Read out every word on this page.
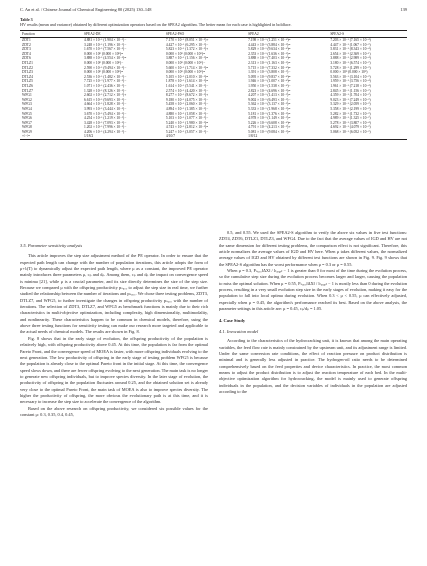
C. An et al. / Chinese Journal of Chemical Engineering 80 (2025) 130–148	139
Table 3
HV results (mean and variance) obtained by different optimization operators based on the SPEA2 algorithm. The better mean for each case is highlighted in boldface.
Function	SPEA2-DE	SPEA2-PSO	SPEA2	SPEA2-S
ZDT1	4.881 × 10⁻¹ (1.904 × 10⁻²)−	7.170 × 10⁻¹ (8.051 × 10⁻⁵)+	7.198 × 10⁻¹ (1.251 × 10⁻⁴)=	7.203 × 10⁻¹ (7.165 × 10⁻⁴)
ZDT2	3.248 × 10⁻¹ (1.196 × 10⁻²)−	4.427 × 10⁻¹ (6.295 × 10⁻²)−	4.443 × 10⁻¹ (3.884 × 10⁻³)=	4.447 × 10⁻¹ (1.067 × 10⁻³)
ZDT3	1.670 × 10⁻¹ (7.567 × 10⁻³)−	5.823 × 10⁻¹ (1.372 × 10⁻³)+	5.829 × 10⁻¹ (9.634 × 10⁻⁴)=	5.831 × 10⁻¹ (8.343 × 10⁻⁴)
ZDT4	0.000 × 10⁰ (0.000 × 10⁰)=	0.000 × 10⁰ (0.000 × 10⁰)=	2.353 × 10⁻¹ (1.636 × 10⁻¹)=	2.654 × 10⁻¹ (2.369 × 10⁻¹)
ZDT6	3.888 × 10⁻¹ (4.554 × 10⁻³)=	3.887 × 10⁻¹ (1.156 × 10⁻²)=	3.888 × 10⁻¹ (7.403 × 10⁻⁴)=	3.888 × 10⁻¹ (2.989 × 10⁻⁴)
DTLZ1	0.000 × 10⁰ (0.000 × 10⁰)−	0.000 × 10⁰ (0.000 × 10⁰)−	2.313 × 10⁻¹ (1.163 × 10⁻¹)=	3.180 × 10⁻¹ (6.574 × 10⁻²)
DTLZ2	2.590 × 10⁻¹ (9.494 × 10⁻³)−	5.600 × 10⁻¹ (1.714 × 10⁻³)=	5.715 × 10⁻¹ (7.332 × 10⁻⁴)=	5.728 × 10⁻¹ (1.299 × 10⁻³)
DTLZ3	0.000 × 10⁰ (0.000 × 10⁰)=	0.000 × 10⁰ (0.000 × 10⁰)=	1.391 × 10⁻² (3.808 × 10⁻²)−	0.000 × 10⁰ (0.000 × 10⁰)
DTLZ4	2.536 × 10⁻¹ (1.482 × 10⁻²)−	5.105 × 10⁻¹ (2.010 × 10⁻³)=	5.095 × 10⁻¹ (9.837 × 10⁻⁴)=	5.563 × 10⁻¹ (3.104 × 10⁻³)
DTLZ5	7.725 × 10⁻² (1.977 × 10⁻³)−	1.878 × 10⁻¹ (1.614 × 10⁻³)=	1.946 × 10⁻¹ (1.007 × 10⁻⁴)=	1.959 × 10⁻¹ (3.756 × 10⁻⁴)
DTLZ6	1.071 × 10⁻¹ (2.436 × 10⁻²)−	1.614 × 10⁻¹ (5.541 × 10⁻³)−	1.950 × 10⁻¹ (1.538 × 10⁻⁴)−	1.961 × 10⁻¹ (7.218 × 10⁻⁴)
DTLZ7	1.328 × 10⁻¹ (8.126 × 10⁻³)−	2.574 × 10⁻¹ (4.420 × 10⁻²)−	2.823 × 10⁻¹ (4.696 × 10⁻³)=	2.845 × 10⁻¹ (1.156 × 10⁻²)
WFG1	2.602 × 10⁻¹ (2.712 × 10⁻²)+	8.277 × 10⁻¹ (8.672 × 10⁻³)+	4.207 × 10⁻¹ (1.413 × 10⁻²)=	4.359 × 10⁻¹ (1.704 × 10⁻²)
WFG2	6.615 × 10⁻¹ (9.693 × 10⁻³)−	9.180 × 10⁻¹ (4.075 × 10⁻³)−	9.002 × 10⁻¹ (6.493 × 10⁻³)−	9.023 × 10⁻¹ (7.249 × 10⁻³)
WFG3	4.664 × 10⁻¹ (1.828 × 10⁻³)−	5.458 × 10⁻¹ (2.060 × 10⁻³)−	5.362 × 10⁻¹ (3.137 × 10⁻³)=	5.329 × 10⁻¹ (2.059 × 10⁻³)
WFG4	3.993 × 10⁻¹ (3.444 × 10⁻³)−	4.894 × 10⁻¹ (1.385 × 10⁻³)−	5.333 × 10⁻¹ (1.968 × 10⁻³)=	5.358 × 10⁻¹ (2.199 × 10⁻³)
WFG5	3.670 × 10⁻¹ (5.494 × 10⁻³)−	4.880 × 10⁻¹ (1.058 × 10⁻³)−	5.181 × 10⁻¹ (1.376 × 10⁻³)=	5.282 × 10⁻¹ (1.732 × 10⁻³)
WFG6	4.254 × 10⁻¹ (1.219 × 10⁻²)−	5.103 × 10⁻¹ (1.077 × 10⁻²)−	4.978 × 10⁻¹ (1.149 × 10⁻²)=	4.989 × 10⁻¹ (1.325 × 10⁻²)
WFG7	3.428 × 10⁻¹ (7.093 × 10⁻³)−	5.240 × 10⁻¹ (1.980 × 10⁻³)=	5.226 × 10⁻¹ (6.608 × 10⁻⁴)=	5.278 × 10⁻¹ (3.807 × 10⁻⁴)
WFG8	1.202 × 10⁻¹ (7.996 × 10⁻³)−	4.743 × 10⁻¹ (2.812 × 10⁻³)=	4.791 × 10⁻¹ (4.213 × 10⁻³)+	4.692 × 10⁻¹ (4.079 × 10⁻³)
WFG9	4.206 × 10⁻¹ (4.294 × 10⁻²)−	5.247 × 10⁻¹ (3.057 × 10⁻³)−	5.081 × 10⁻¹ (9.084 × 10⁻³)=	5.068 × 10⁻¹ (6.052 × 10⁻³)
+/−/=	1/18/2	4/10/7	1/8/12	
3.5. Parameter sensitivity analysis

This article improves the step size adjustment method of the PE operator. In order to ensure that the expected path length can change with the number of population iterations, this article adopts the form of μ+λ(T) to dynamically adjust the expected path length, where μ as a constant, the improved PE operator mainly introduces three parameters μ, cₚ and dₚ. Among them, cₚ and dₚ the impact on convergence speed is minima [21], while μ is a crucial parameter, and its size directly determines the size of the step size. Because we compared μ with the offspring productivity pₛᵤ꜀꜀ to adjust the step size in real time, we further studied the relationship between the number of iterations and pₛᵤ꜀꜀. We chose three testing problems, ZDT3, DTLZ7, and WFG5, to further investigate the changes in offspring productivity pₛᵤ꜀꜀ with the number of iterations. The selection of ZDT3, DTLZ7, and WFG5 as benchmark functions is mainly due to their rich characteristics in multi-objective optimization, including complexity, high dimensionality, multimodality, and nonlinearity. These characteristics happen to be common in chemical models, therefore, using the above three testing functions for sensitivity testing can make our research more targeted and applicable to the actual needs of chemical models. The results are shown in Fig. 8.

Fig. 8 shows that in the early stage of evolution, the offspring productivity of the population is relatively high, with offspring productivity above 0.45. At this time, the population is far from the optimal Pareto Front, and the convergence speed of MOEA is faster, with more offspring individuals evolving to the next generation. The low productivity of offspring in the early stage of testing problem WFG5 is because the population is already close to the optimal Pareto front in the initial stage. At this time, the convergence speed slows down, and there are fewer offspring evolving to the next generation. The main task is no longer to generate new offspring individuals, but to improve species diversity. In the later stage of evolution, the productivity of offspring in the population fluctuates around 0.25, and the obtained solution set is already very close to the optimal Pareto Front, the main task of MOEA is also to improve species diversity. The higher the productivity of offspring, the more obvious the evolutionary path is at this time, and it is necessary to increase the step size to accelerate the convergence of the algorithm.

Based on the above research on offspring productivity, we considered six possible values for the constant μ: 0.3, 0.35, 0.4, 0.45,

0.5, and 0.55. We used the SPEA2-S algorithm to verify the above six values in five test functions: ZDT4, ZDT6, DTLZ1, DTLZ3, and WFG4. Due to the fact that the average values of IGD and HV are not the same dimension for different testing problems, the comparison effect is not significant. Therefore, this article normalizes the average values of IGD and HV here. When μ takes different values, the normalized average values of IGD and HV obtained by different test functions are shown in Fig. 9. Fig. 9 shows that the SPEA2-S algorithm has the worst performance when μ = 0.3 or μ = 0.55.

When μ = 0.3, Pₛᵤ꜀꜀‖ΔX‖ / lₜₐᵣ₉ₑₜ − 1 is greater than 0 for most of the time during the evolution process, so the cumulative step size during the evolution process becomes larger and larger, causing the population to miss the optimal solution. When μ = 0.55, Pₛᵤ꜀꜀‖ΔX‖ / lₜₐᵣ₉ₑₜ − 1 is mostly less than 0 during the evolution process, resulting in a very small evolution step size in the early stages of evolution, making it easy for the population to fall into local optima during evolution. When 0.3 < μ < 0.55, μ can effectively adjusted, especially when μ = 0.45, the algorithm's performance reached its best. Based on the above analysis, the parameter settings in this article are: μ = 0.45, cₚ/dₚ = 1.05.

4. Case Study
4.1. Invocation model

According to the characteristics of the hydrocracking unit, it is known that among the main operating variables, the feed flow rate is mainly constrained by the upstream unit, and its adjustment range is limited. Under the same conversion rate conditions, the effect of reaction pressure on product distribution is minimal and is generally less adjusted in practice. The hydrogen-oil ratio needs to be determined comprehensively based on the feed properties and device characteristics. In practice, the most common means to adjust the product distribution is to adjust the reaction temperature of each bed. In the multi-objective optimization algorithm for hydrocracking, the model is mainly used to generate offspring individuals in the population, and the decision variables of individuals in the population are adjusted according to the
